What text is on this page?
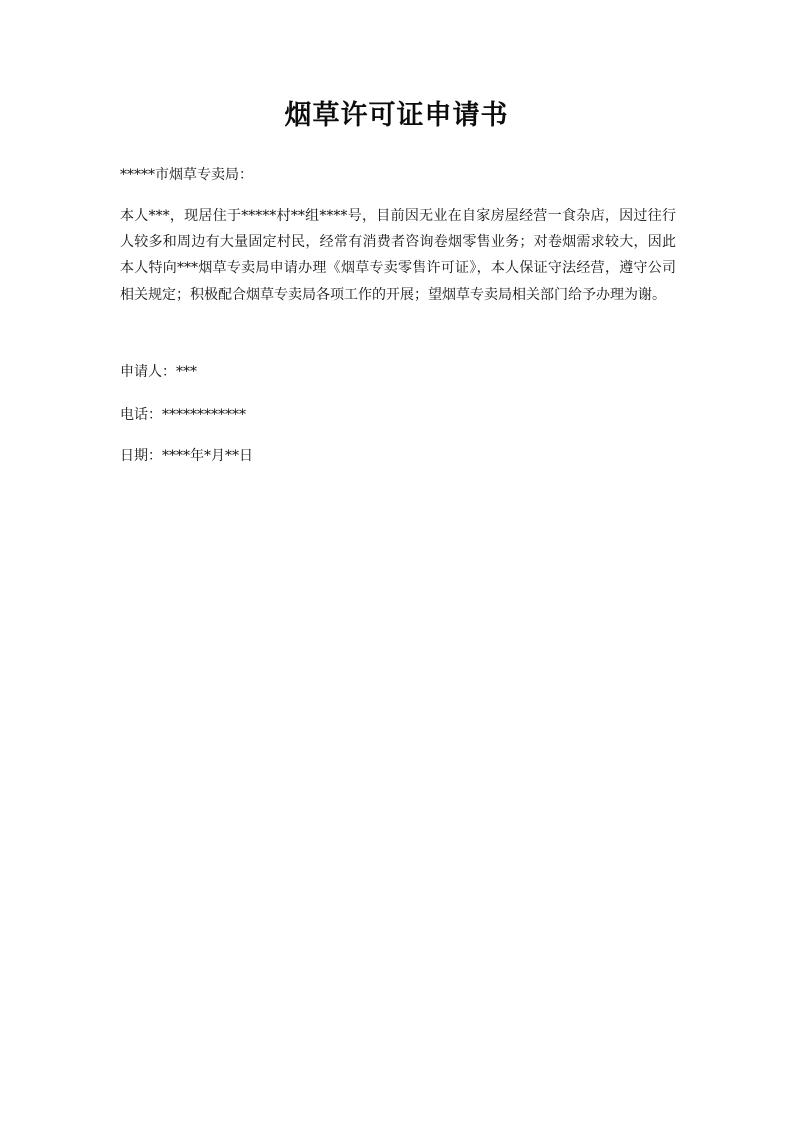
烟草许可证申请书
*****市烟草专卖局：

本人***，现居住于*****村**组****号，目前因无业在自家房屋经营一食杂店，因过往行人较多和周边有大量固定村民，经常有消费者咨询卷烟零售业务；对卷烟需求较大，因此本人特向***烟草专卖局申请办理《烟草专卖零售许可证》，本人保证守法经营，遵守公司相关规定；积极配合烟草专卖局各项工作的开展；望烟草专卖局相关部门给予办理为谢。

申请人：***
电话：************
日期：****年*月**日
